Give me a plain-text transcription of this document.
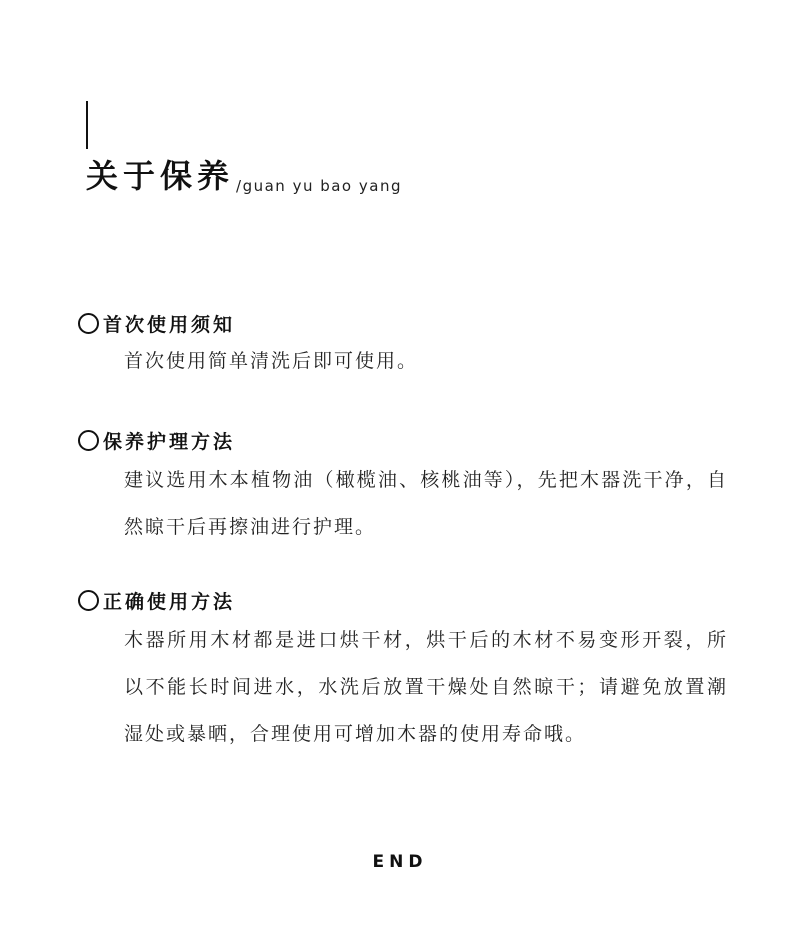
关于保养 /guan yu bao yang
首次使用须知
首次使用简单清洗后即可使用。
保养护理方法
建议选用木本植物油（橄榄油、核桃油等），先把木器洗干净，自然晾干后再擦油进行护理。
正确使用方法
木器所用木材都是进口烘干材，烘干后的木材不易变形开裂，所以不能长时间进水，水洗后放置干燥处自然晾干；请避免放置潮湿处或暴晒，合理使用可增加木器的使用寿命哦。
END
